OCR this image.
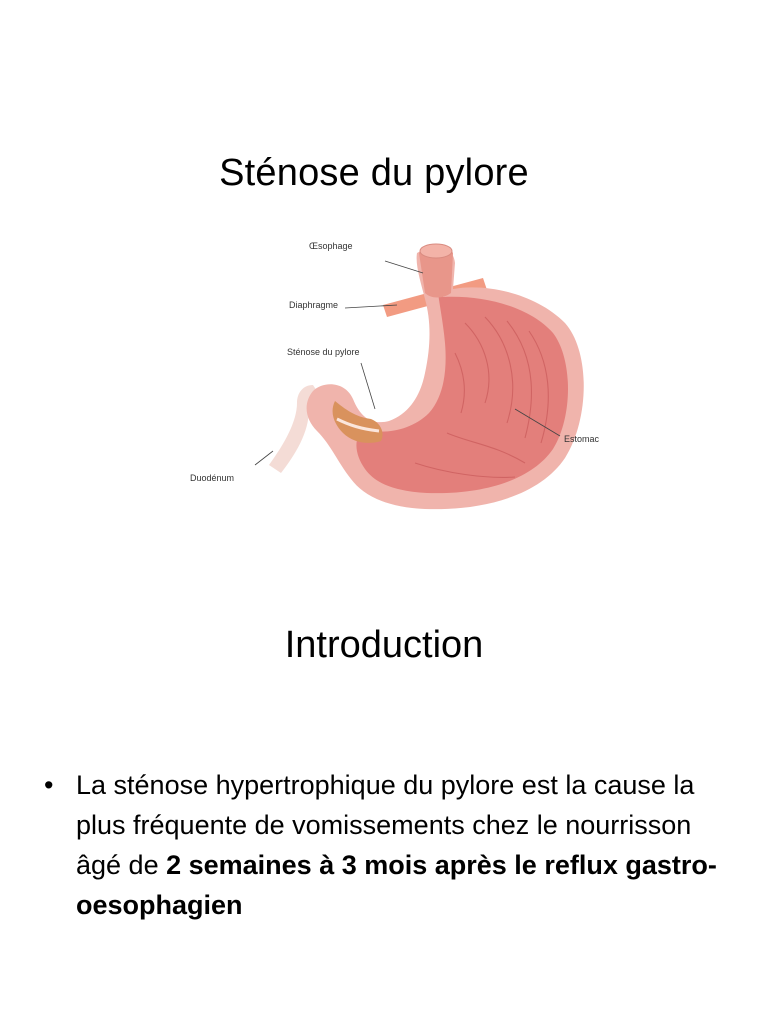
Sténose du pylore
Œsophage
Diaphragme
Sténose du pylore
Estomac
Duodénum
Introduction
• La sténose hypertrophique du pylore est la cause la plus fréquente de vomissements chez le nourrisson âgé de 2 semaines à 3 mois après le reflux gastro-oesophagien
